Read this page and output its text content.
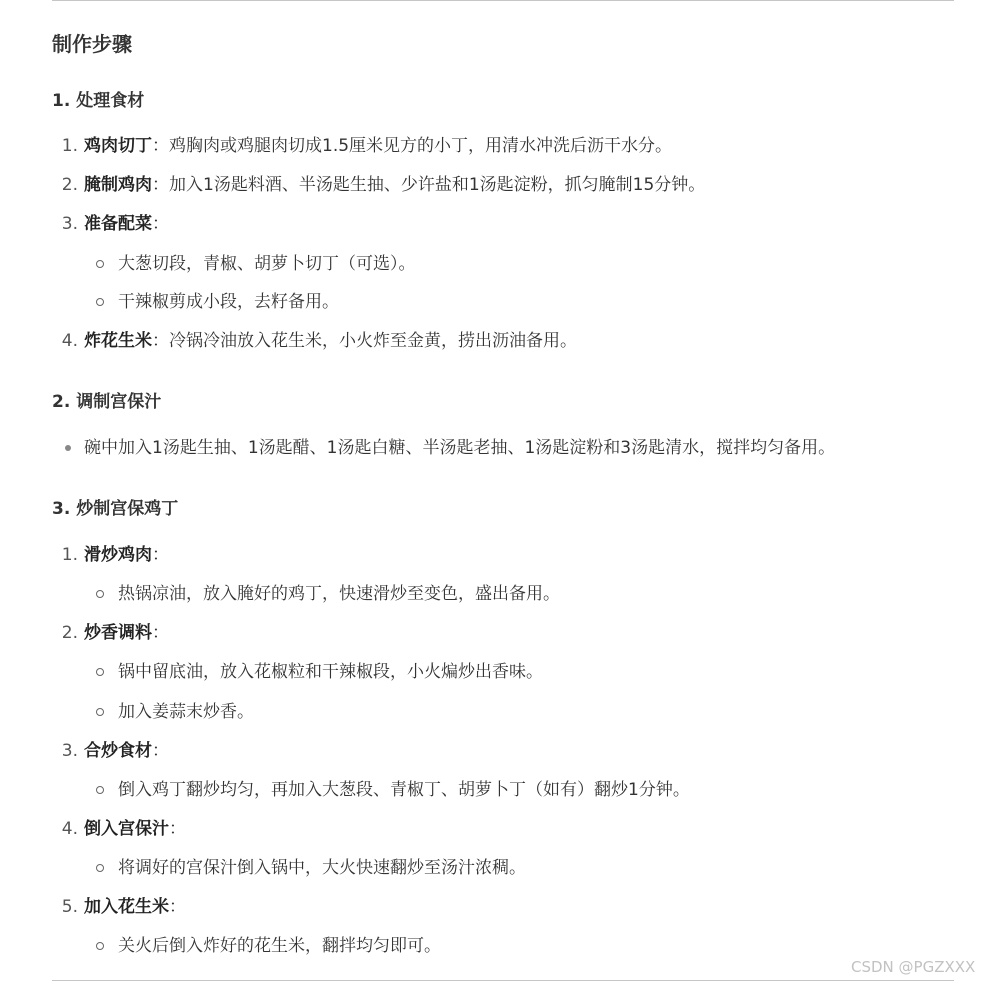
制作步骤
1. 处理食材
1. 鸡肉切丁：鸡胸肉或鸡腿肉切成1.5厘米见方的小丁，用清水冲洗后沥干水分。
2. 腌制鸡肉：加入1汤匙料酒、半汤匙生抽、少许盐和1汤匙淀粉，抓匀腌制15分钟。
3. 准备配菜：
大葱切段，青椒、胡萝卜切丁（可选）。
干辣椒剪成小段，去籽备用。
4. 炸花生米：冷锅冷油放入花生米，小火炸至金黄，捞出沥油备用。
2. 调制宫保汁
碗中加入1汤匙生抽、1汤匙醋、1汤匙白糖、半汤匙老抽、1汤匙淀粉和3汤匙清水，搅拌均匀备用。
3. 炒制宫保鸡丁
1. 滑炒鸡肉：
热锅凉油，放入腌好的鸡丁，快速滑炒至变色，盛出备用。
2. 炒香调料：
锅中留底油，放入花椒粒和干辣椒段，小火煸炒出香味。
加入姜蒜末炒香。
3. 合炒食材：
倒入鸡丁翻炒均匀，再加入大葱段、青椒丁、胡萝卜丁（如有）翻炒1分钟。
4. 倒入宫保汁：
将调好的宫保汁倒入锅中，大火快速翻炒至汤汁浓稠。
5. 加入花生米：
关火后倒入炸好的花生米，翻拌均匀即可。
CSDN @PGZXXX
